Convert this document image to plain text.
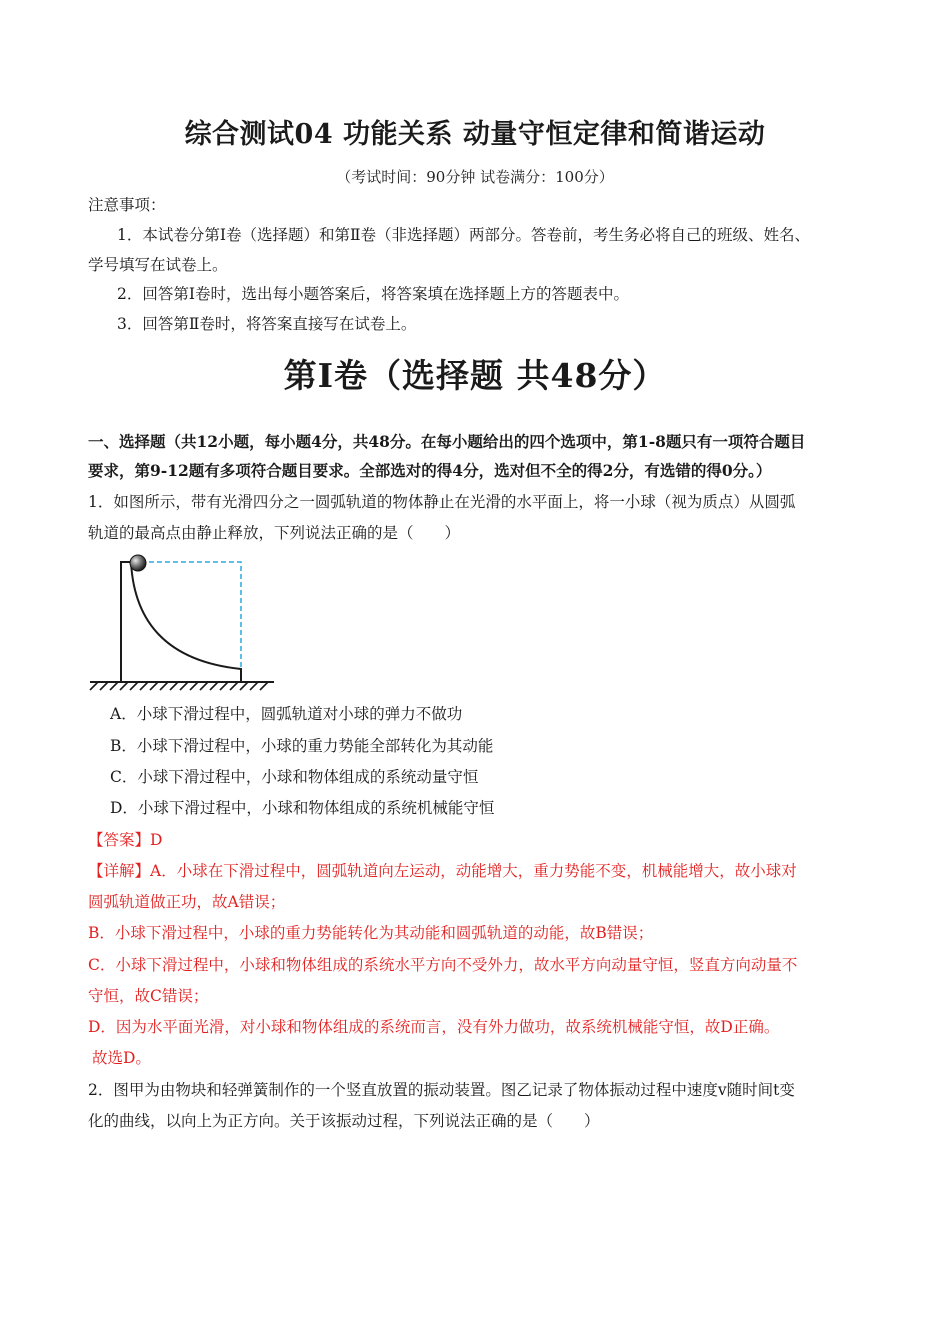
综合测试04 功能关系 动量守恒定律和简谐运动
（考试时间：90分钟 试卷满分：100分）
注意事项：
1．本试卷分第Ⅰ卷（选择题）和第Ⅱ卷（非选择题）两部分。答卷前，考生务必将自己的班级、姓名、
学号填写在试卷上。
2．回答第Ⅰ卷时，选出每小题答案后，将答案填在选择题上方的答题表中。
3．回答第Ⅱ卷时，将答案直接写在试卷上。
第Ⅰ卷（选择题 共48分）
一、选择题（共12小题，每小题4分，共48分。在每小题给出的四个选项中，第1-8题只有一项符合题目
要求，第9-12题有多项符合题目要求。全部选对的得4分，选对但不全的得2分，有选错的得0分。）
1．如图所示，带有光滑四分之一圆弧轨道的物体静止在光滑的水平面上，将一小球（视为质点）从圆弧
轨道的最高点由静止释放，下列说法正确的是（　　）
A．小球下滑过程中，圆弧轨道对小球的弹力不做功
B．小球下滑过程中，小球的重力势能全部转化为其动能
C．小球下滑过程中，小球和物体组成的系统动量守恒
D．小球下滑过程中，小球和物体组成的系统机械能守恒
【答案】D
【详解】A．小球在下滑过程中，圆弧轨道向左运动，动能增大，重力势能不变，机械能增大，故小球对
圆弧轨道做正功，故A错误；
B．小球下滑过程中，小球的重力势能转化为其动能和圆弧轨道的动能，故B错误；
C．小球下滑过程中，小球和物体组成的系统水平方向不受外力，故水平方向动量守恒，竖直方向动量不
守恒，故C错误；
D．因为水平面光滑，对小球和物体组成的系统而言，没有外力做功，故系统机械能守恒，故D正确。
故选D。
2．图甲为由物块和轻弹簧制作的一个竖直放置的振动装置。图乙记录了物体振动过程中速度v随时间t变
化的曲线，以向上为正方向。关于该振动过程，下列说法正确的是（　　）
